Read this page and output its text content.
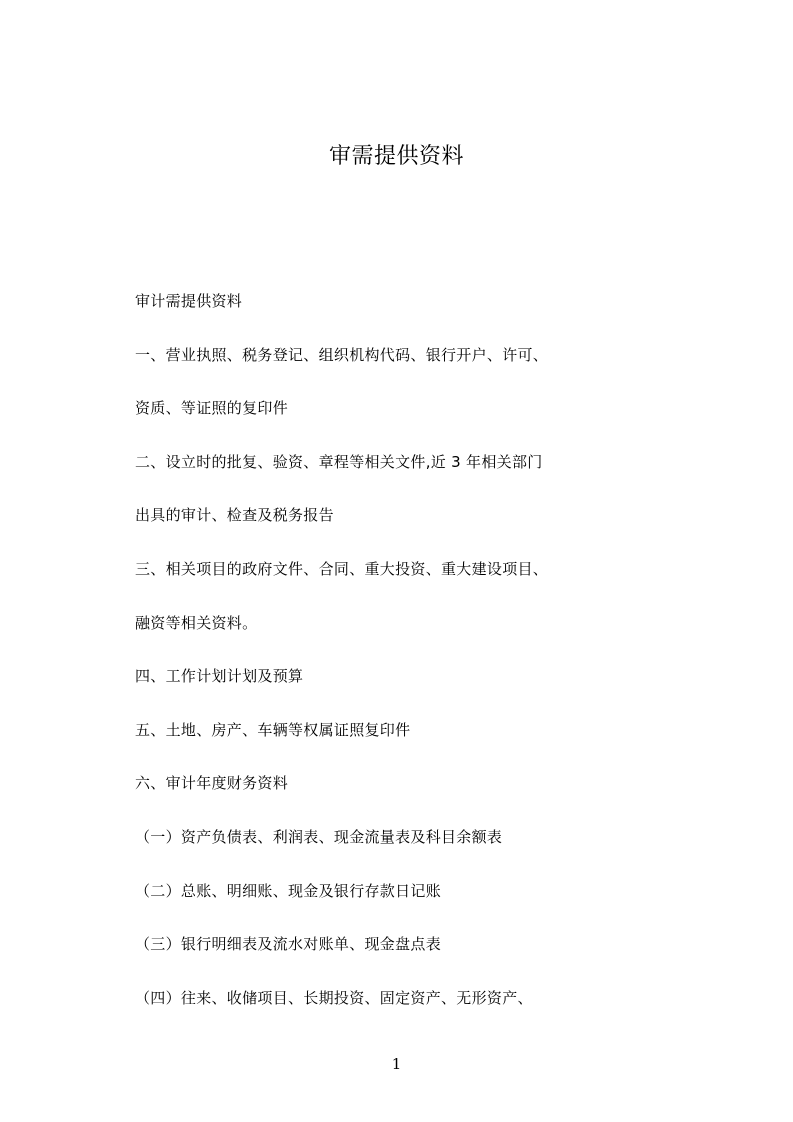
审需提供资料
审计需提供资料
一、营业执照、税务登记、组织机构代码、银行开户、许可、
资质、等证照的复印件
二、设立时的批复、验资、章程等相关文件,近 3 年相关部门
出具的审计、检查及税务报告
三、相关项目的政府文件、合同、重大投资、重大建设项目、
融资等相关资料。
四、工作计划计划及预算
五、土地、房产、车辆等权属证照复印件
六、审计年度财务资料
（一）资产负债表、利润表、现金流量表及科目余额表
（二）总账、明细账、现金及银行存款日记账
（三）银行明细表及流水对账单、现金盘点表
（四）往来、收储项目、长期投资、固定资产、无形资产、
1
